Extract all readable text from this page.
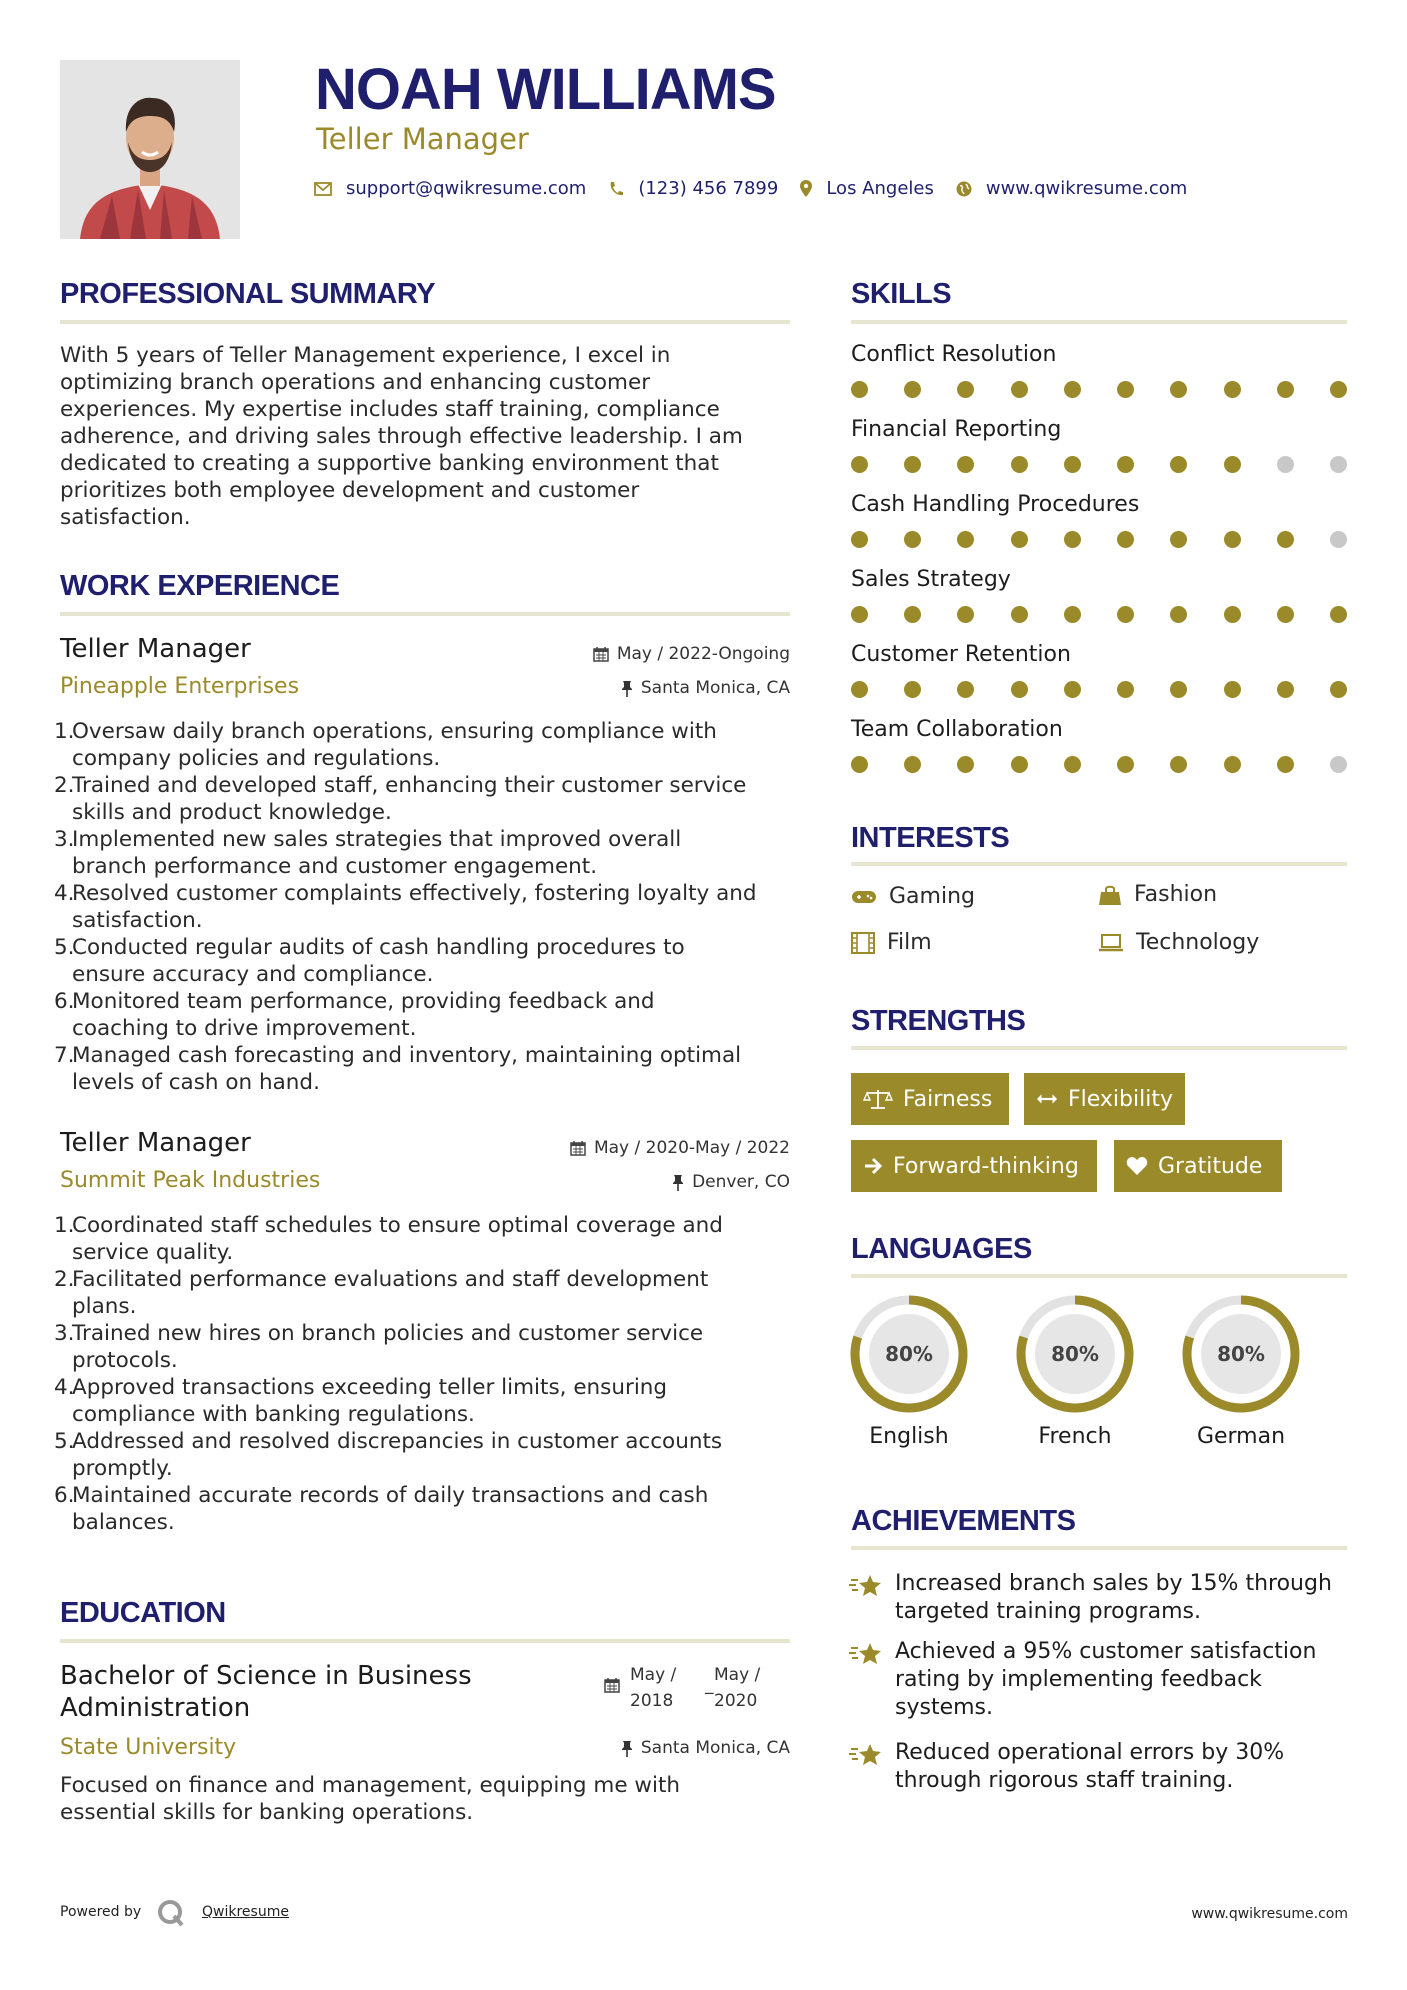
NOAH WILLIAMS
Teller Manager
support@qwikresume.com	(123) 456 7899	Los Angeles	www.qwikresume.com
PROFESSIONAL SUMMARY
With 5 years of Teller Management experience, I excel in
optimizing branch operations and enhancing customer
experiences. My expertise includes staff training, compliance
adherence, and driving sales through effective leadership. I am
dedicated to creating a supportive banking environment that
prioritizes both employee development and customer
satisfaction.
WORK EXPERIENCE
Teller Manager	May / 2022-Ongoing
Pineapple Enterprises	Santa Monica, CA
1.
Oversaw daily branch operations, ensuring compliance with
company policies and regulations.
2.
Trained and developed staff, enhancing their customer service
skills and product knowledge.
3.
Implemented new sales strategies that improved overall
branch performance and customer engagement.
4.
Resolved customer complaints effectively, fostering loyalty and
satisfaction.
5.
Conducted regular audits of cash handling procedures to
ensure accuracy and compliance.
6.
Monitored team performance, providing feedback and
coaching to drive improvement.
7.
Managed cash forecasting and inventory, maintaining optimal
levels of cash on hand.
Teller Manager	May / 2020-May / 2022
Summit Peak Industries	Denver, CO
1.
Coordinated staff schedules to ensure optimal coverage and
service quality.
2.
Facilitated performance evaluations and staff development
plans.
3.
Trained new hires on branch policies and customer service
protocols.
4.
Approved transactions exceeding teller limits, ensuring
compliance with banking regulations.
5.
Addressed and resolved discrepancies in customer accounts
promptly.
6.
Maintained accurate records of daily transactions and cash
balances.
EDUCATION
Bachelor of Science in Business
Administration
May /
2018
_ May /
2020
State University	Santa Monica, CA
Focused on finance and management, equipping me with
essential skills for banking operations.
SKILLS
Conflict Resolution
Financial Reporting
Cash Handling Procedures
Sales Strategy
Customer Retention
Team Collaboration
INTERESTS
Gaming	Fashion
Film	Technology
STRENGTHS
Fairness	Flexibility
Forward-thinking	Gratitude
LANGUAGES
80%
English
80%
French
80%
German
ACHIEVEMENTS
Increased branch sales by 15% through
targeted training programs.
Achieved a 95% customer satisfaction
rating by implementing feedback
systems.
Reduced operational errors by 30%
through rigorous staff training.
Powered by	Qwikresume	www.qwikresume.com
